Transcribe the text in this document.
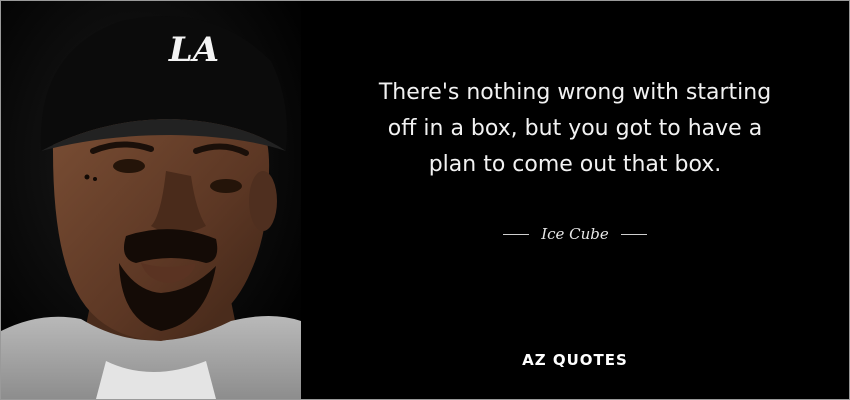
LA
There's nothing wrong with starting
off in a box, but you got to have a
plan to come out that box.
Ice Cube
AZ QUOTES
